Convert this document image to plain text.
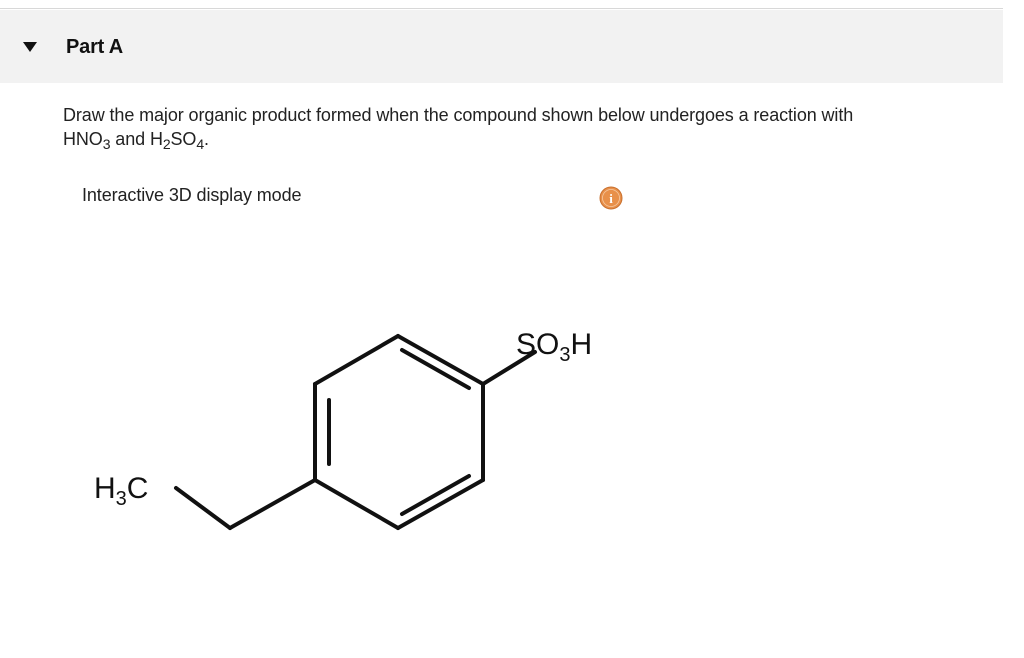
Part A
Draw the major organic product formed when the compound shown below undergoes a reaction with
$HNO_3$ and $H_2SO_4$.
Interactive 3D display mode	i
$SO_3H$
$H_3C$
